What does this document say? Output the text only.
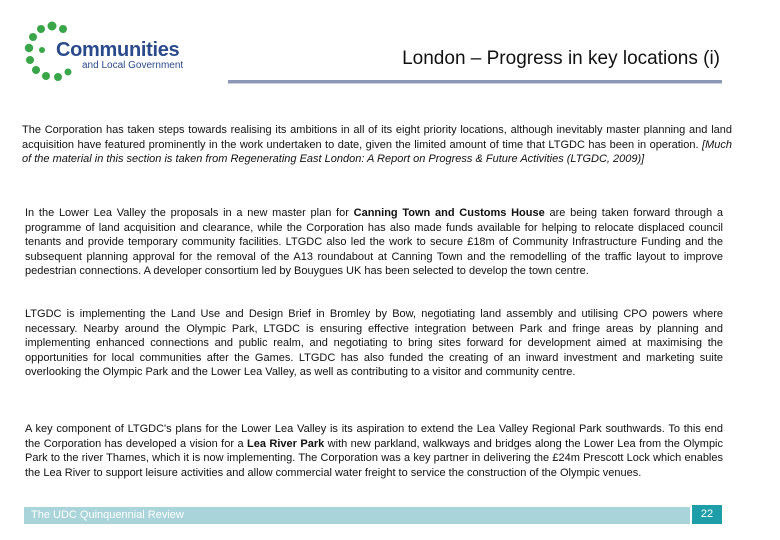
Communities
and Local Government	London – Progress in key locations (i)
The Corporation has taken steps towards realising its ambitions in all of its eight priority locations, although inevitably master planning and land acquisition have featured prominently in the work undertaken to date, given the limited amount of time that LTGDC has been in operation. [Much of the material in this section is taken from Regenerating East London: A Report on Progress & Future Activities (LTGDC, 2009)]
In the Lower Lea Valley the proposals in a new master plan for Canning Town and Customs House are being taken forward through a programme of land acquisition and clearance, while the Corporation has also made funds available for helping to relocate displaced council tenants and provide temporary community facilities. LTGDC also led the work to secure £18m of Community Infrastructure Funding and the subsequent planning approval for the removal of the A13 roundabout at Canning Town and the remodelling of the traffic layout to improve pedestrian connections. A developer consortium led by Bouygues UK has been selected to develop the town centre.
LTGDC is implementing the Land Use and Design Brief in Bromley by Bow, negotiating land assembly and utilising CPO powers where necessary. Nearby around the Olympic Park, LTGDC is ensuring effective integration between Park and fringe areas by planning and implementing enhanced connections and public realm, and negotiating to bring sites forward for development aimed at maximising the opportunities for local communities after the Games. LTGDC has also funded the creating of an inward investment and marketing suite overlooking the Olympic Park and the Lower Lea Valley, as well as contributing to a visitor and community centre.
A key component of LTGDC's plans for the Lower Lea Valley is its aspiration to extend the Lea Valley Regional Park southwards. To this end the Corporation has developed a vision for a Lea River Park with new parkland, walkways and bridges along the Lower Lea from the Olympic Park to the river Thames, which it is now implementing. The Corporation was a key partner in delivering the £24m Prescott Lock which enables the Lea River to support leisure activities and allow commercial water freight to service the construction of the Olympic venues.
The UDC Quinquennial Review	22
